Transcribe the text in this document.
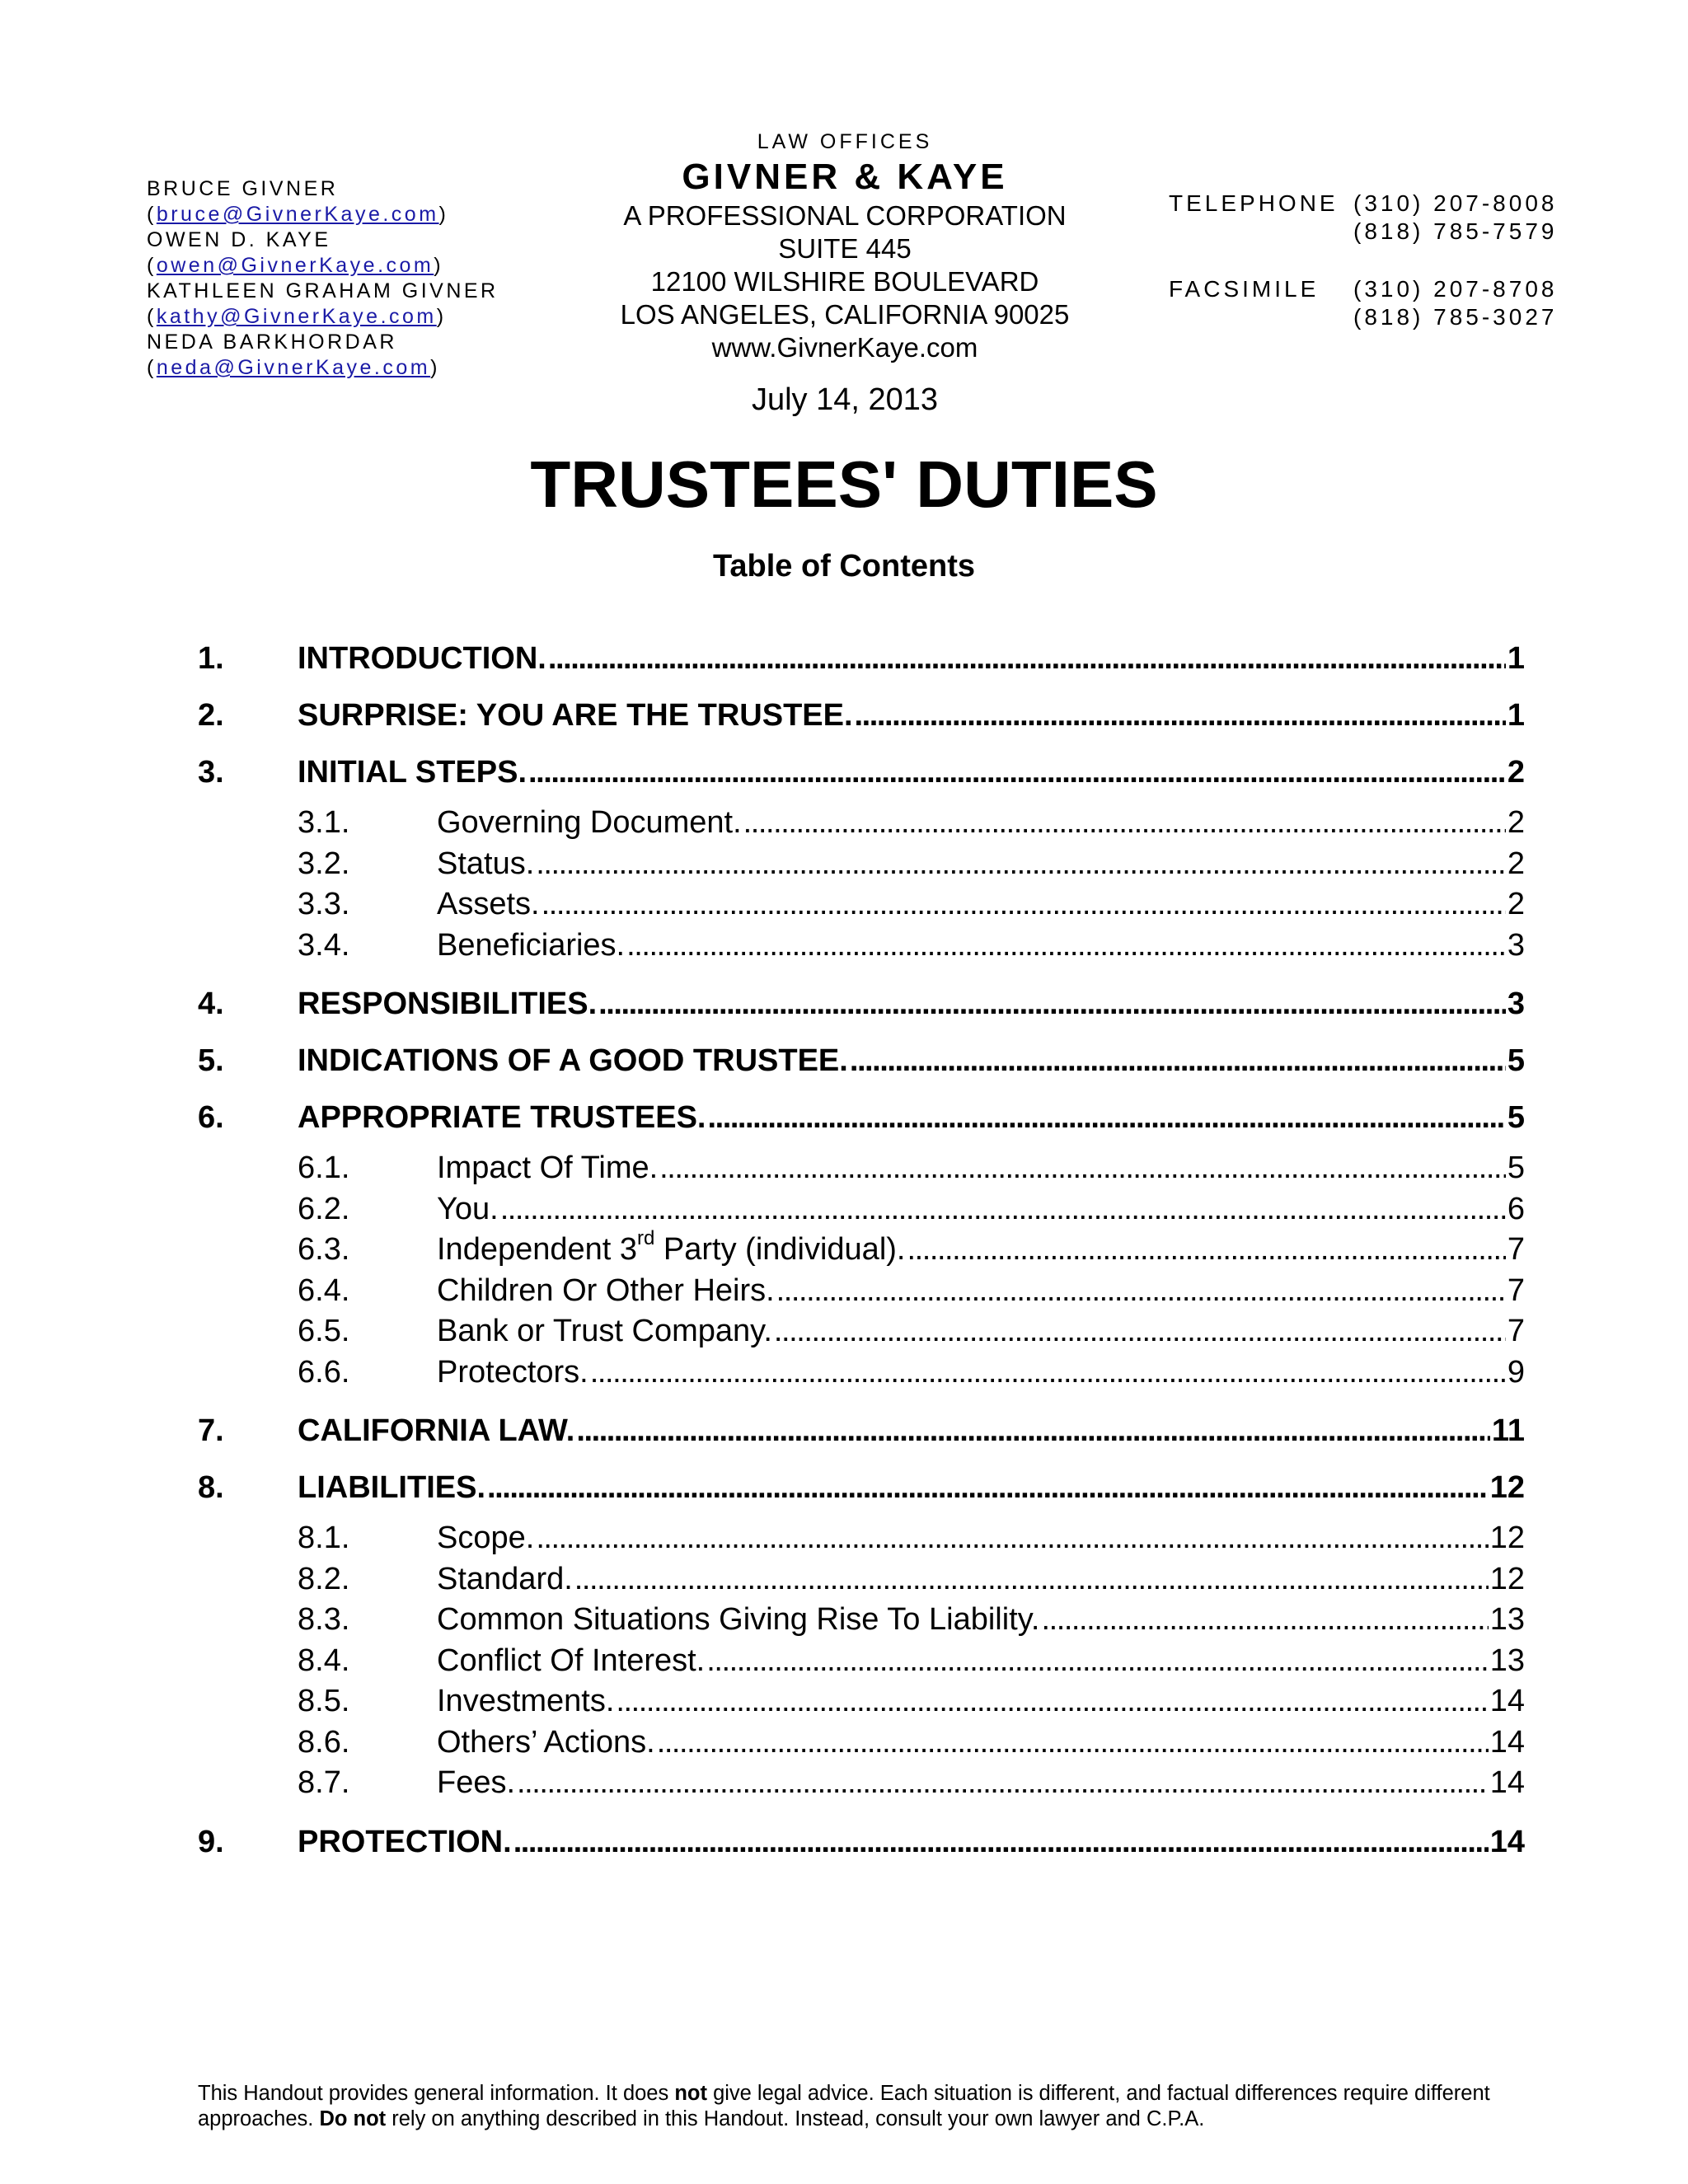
BRUCE GIVNER
(bruce@GivnerKaye.com)
OWEN D. KAYE
(owen@GivnerKaye.com)
KATHLEEN GRAHAM GIVNER
(kathy@GivnerKaye.com)
NEDA BARKHORDAR
(neda@GivnerKaye.com)
LAW OFFICES
GIVNER & KAYE
A PROFESSIONAL CORPORATION
SUITE 445
12100 WILSHIRE BOULEVARD
LOS ANGELES, CALIFORNIA 90025
www.GivnerKaye.com
July 14, 2013
TELEPHONE (310) 207-8008
(818) 785-7579
FACSIMILE	(310) 207-8708
(818) 785-3027
TRUSTEES' DUTIES
Table of Contents
1.	INTRODUCTION. . . .	1
2.	SURPRISE: YOU ARE THE TRUSTEE. . . .	1
3.	INITIAL STEPS. . . .	2
3.1.	Governing Document. . . .	2
3.2.	Status. . . .	2
3.3.	Assets. . . .	2
3.4.	Beneficiaries. . . .	3
4.	RESPONSIBILITIES. . . .	3
5.	INDICATIONS OF A GOOD TRUSTEE. . . .	5
6.	APPROPRIATE TRUSTEES. . . .	5
6.1.	Impact Of Time. . . .	5
6.2.	You. . . .	6
6.3.	Independent 3rd Party (individual). . . .	7
6.4.	Children Or Other Heirs. . . .	7
6.5.	Bank or Trust Company. . . .	7
6.6.	Protectors. . . .	9
7.	CALIFORNIA LAW. . . .	11
8.	LIABILITIES. . . .	12
8.1.	Scope. . . .	12
8.2.	Standard. . . .	12
8.3.	Common Situations Giving Rise To Liability. . . .	13
8.4.	Conflict Of Interest. . . .	13
8.5.	Investments. . . .	14
8.6.	Others’ Actions. . . .	14
8.7.	Fees. . . .	14
9.	PROTECTION. . . .	14
This Handout provides general information. It does not give legal advice. Each situation is different, and factual differences require different approaches. Do not rely on anything described in this Handout. Instead, consult your own lawyer and C.P.A.
